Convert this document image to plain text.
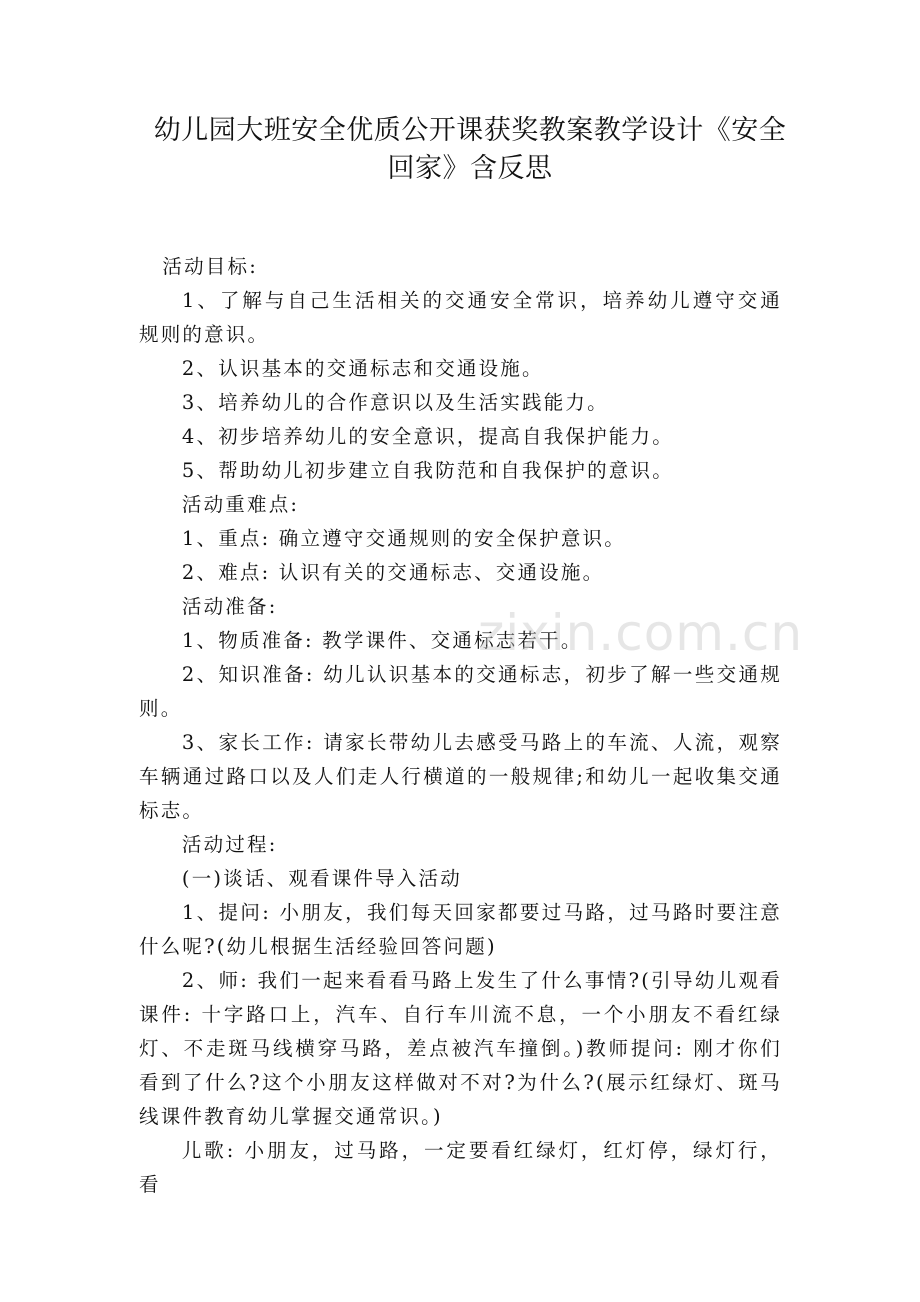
幼儿园大班安全优质公开课获奖教案教学设计《安全回家》含反思

活动目标:

1、了解与自己生活相关的交通安全常识，培养幼儿遵守交通规则的意识。

2、认识基本的交通标志和交通设施。

3、培养幼儿的合作意识以及生活实践能力。

4、初步培养幼儿的安全意识，提高自我保护能力。

5、帮助幼儿初步建立自我防范和自我保护的意识。

活动重难点:

1、重点: 确立遵守交通规则的安全保护意识。

2、难点: 认识有关的交通标志、交通设施。

活动准备:

1、物质准备: 教学课件、交通标志若干。

2、知识准备: 幼儿认识基本的交通标志，初步了解一些交通规则。

3、家长工作: 请家长带幼儿去感受马路上的车流、人流，观察车辆通过路口以及人们走人行横道的一般规律;和幼儿一起收集交通标志。

活动过程:

(一)谈话、观看课件导入活动

1、提问: 小朋友，我们每天回家都要过马路，过马路时要注意什么呢?(幼儿根据生活经验回答问题)

2、师: 我们一起来看看马路上发生了什么事情?(引导幼儿观看课件: 十字路口上，汽车、自行车川流不息，一个小朋友不看红绿灯、不走斑马线横穿马路，差点被汽车撞倒。)教师提问: 刚才你们看到了什么?这个小朋友这样做对不对?为什么?(展示红绿灯、斑马线课件教育幼儿掌握交通常识。)

儿歌: 小朋友，过马路，一定要看红绿灯，红灯停，绿灯行，看

zixin.com.cn
